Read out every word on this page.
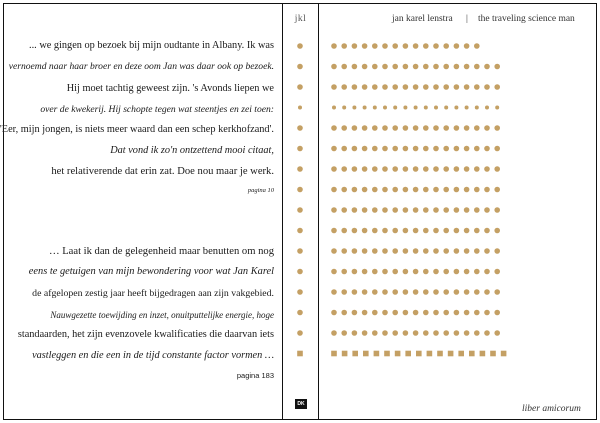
... we gingen op bezoek bij mijn oudtante in Albany. Ik was
vernoemd naar haar broer en deze oom Jan was daar ook op bezoek.
Hij moet tachtig geweest zijn. 's Avonds liepen we
over de kwekerij. Hij schopte tegen wat steentjes en zei toen:
'Eer, mijn jongen, is niets meer waard dan een schep kerkhofzand'.
Dat vond ik zo'n ontzettend mooi citaat,
het relativerende dat erin zat. Doe nou maar je werk.
pagina 10
… Laat ik dan de gelegenheid maar benutten om nog
eens te getuigen van mijn bewondering voor wat Jan Karel
de afgelopen zestig jaar heeft bijgedragen aan zijn vakgebied.
Nauwgezette toewijding en inzet, onuitputtelijke energie, hoge
standaarden, het zijn evenzovele kwalificaties die daarvan iets
vastleggen en die een in de tijd constante factor vormen …
pagina 183
jkl
DK
jan karel lenstra | the traveling science man
liber amicorum
